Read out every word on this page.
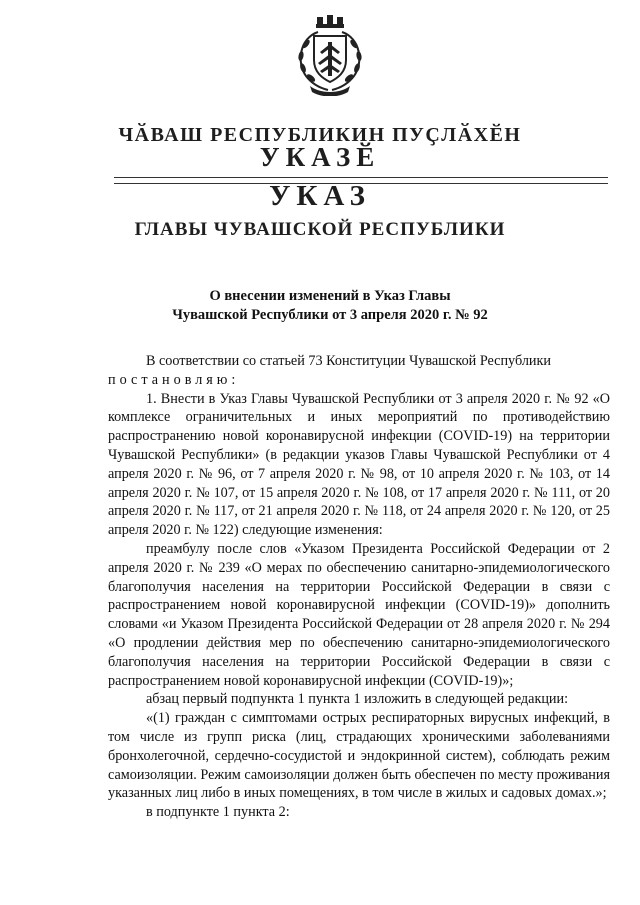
ЧӐВАШ РЕСПУБЛИКИН ПУҪЛӐХӖН
УКАЗӖ
УКАЗ
ГЛАВЫ ЧУВАШСКОЙ РЕСПУБЛИКИ
О внесении изменений в Указ Главы
Чувашской Республики от 3 апреля 2020 г. № 92

В соответствии со статьей 73 Конституции Чувашской Республики

постановляю:

1. Внести в Указ Главы Чувашской Республики от 3 апреля 2020 г. № 92 «О комплексе ограничительных и иных мероприятий по противодействию распространению новой коронавирусной инфекции (COVID-19) на территории Чувашской Республики» (в редакции указов Главы Чувашской Республики от 4 апреля 2020 г. № 96, от 7 апреля 2020 г. № 98, от 10 апреля 2020 г. № 103, от 14 апреля 2020 г. № 107, от 15 апреля 2020 г. № 108, от 17 апреля 2020 г. № 111, от 20 апреля 2020 г. № 117, от 21 апреля 2020 г. № 118, от 24 апреля 2020 г. № 120, от 25 апреля 2020 г. № 122) следующие изменения:

преамбулу после слов «Указом Президента Российской Федерации от 2 апреля 2020 г. № 239 «О мерах по обеспечению санитарно-эпидемиологического благополучия населения на территории Российской Федерации в связи с распространением новой коронавирусной инфекции (COVID-19)» дополнить словами «и Указом Президента Российской Федерации от 28 апреля 2020 г. № 294 «О продлении действия мер по обеспечению санитарно-эпидемиологического благополучия населения на территории Российской Федерации в связи с распространением новой коронавирусной инфекции (COVID-19)»;

абзац первый подпункта 1 пункта 1 изложить в следующей редакции:

«(1) граждан с симптомами острых респираторных вирусных инфекций, в том числе из групп риска (лиц, страдающих хроническими заболеваниями бронхолегочной, сердечно-сосудистой и эндокринной систем), соблюдать режим самоизоляции. Режим самоизоляции должен быть обеспечен по месту проживания указанных лиц либо в иных помещениях, в том числе в жилых и садовых домах.»;

в подпункте 1 пункта 2:
